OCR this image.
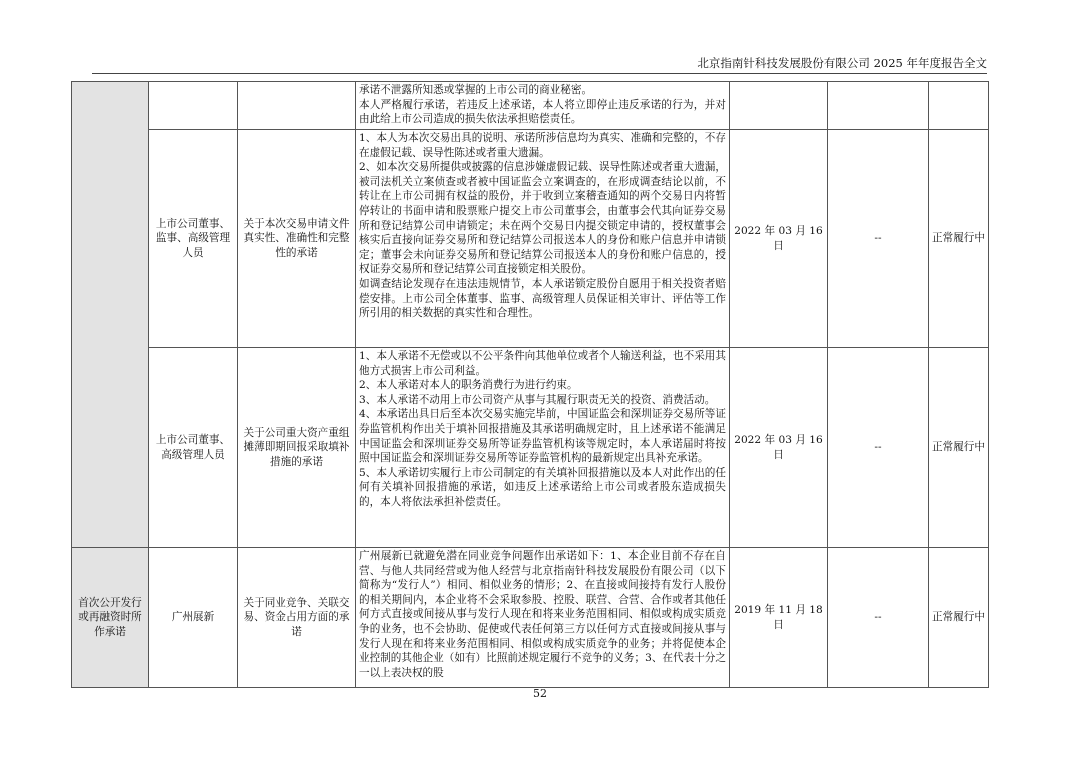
北京指南针科技发展股份有限公司 2025 年年度报告全文
			承诺不泄露所知悉或掌握的上市公司的商业秘密。
本人严格履行承诺，若违反上述承诺，本人将立即停止违反承诺的行为，并对由此给上市公司造成的损失依法承担赔偿责任。			
	上市公司董事、监事、高级管理人员	关于本次交易申请文件真实性、准确性和完整性的承诺	1、本人为本次交易出具的说明、承诺所涉信息均为真实、准确和完整的，不存在虚假记载、误导性陈述或者重大遗漏。
2、如本次交易所提供或披露的信息涉嫌虚假记载、误导性陈述或者重大遗漏，被司法机关立案侦查或者被中国证监会立案调查的，在形成调查结论以前，不转让在上市公司拥有权益的股份，并于收到立案稽查通知的两个交易日内将暂停转让的书面申请和股票账户提交上市公司董事会，由董事会代其向证券交易所和登记结算公司申请锁定；未在两个交易日内提交锁定申请的，授权董事会核实后直接向证券交易所和登记结算公司报送本人的身份和账户信息并申请锁定；董事会未向证券交易所和登记结算公司报送本人的身份和账户信息的，授权证券交易所和登记结算公司直接锁定相关股份。
如调查结论发现存在违法违规情节，本人承诺锁定股份自愿用于相关投资者赔偿安排。上市公司全体董事、监事、高级管理人员保证相关审计、评估等工作所引用的相关数据的真实性和合理性。	2022 年 03 月 16 日	--	正常履行中
	上市公司董事、高级管理人员	关于公司重大资产重组摊薄即期回报采取填补措施的承诺	1、本人承诺不无偿或以不公平条件向其他单位或者个人输送利益，也不采用其他方式损害上市公司利益。
2、本人承诺对本人的职务消费行为进行约束。
3、本人承诺不动用上市公司资产从事与其履行职责无关的投资、消费活动。
4、本承诺出具日后至本次交易实施完毕前，中国证监会和深圳证券交易所等证券监管机构作出关于填补回报措施及其承诺明确规定时，且上述承诺不能满足中国证监会和深圳证券交易所等证券监管机构该等规定时，本人承诺届时将按照中国证监会和深圳证券交易所等证券监管机构的最新规定出具补充承诺。
5、本人承诺切实履行上市公司制定的有关填补回报措施以及本人对此作出的任何有关填补回报措施的承诺，如违反上述承诺给上市公司或者股东造成损失的，本人将依法承担补偿责任。	2022 年 03 月 16 日	--	正常履行中
首次公开发行或再融资时所作承诺	广州展新	关于同业竞争、关联交易、资金占用方面的承诺	广州展新已就避免潜在同业竞争问题作出承诺如下：1、本企业目前不存在自营、与他人共同经营或为他人经营与北京指南针科技发展股份有限公司（以下简称为“发行人”）相同、相似业务的情形；2、在直接或间接持有发行人股份的相关期间内，本企业将不会采取参股、控股、联营、合营、合作或者其他任何方式直接或间接从事与发行人现在和将来业务范围相同、相似或构成实质竞争的业务，也不会协助、促使或代表任何第三方以任何方式直接或间接从事与发行人现在和将来业务范围相同、相似或构成实质竞争的业务；并将促使本企业控制的其他企业（如有）比照前述规定履行不竞争的义务；3、在代表十分之一以上表决权的股	2019 年 11 月 18 日	--	正常履行中
52
